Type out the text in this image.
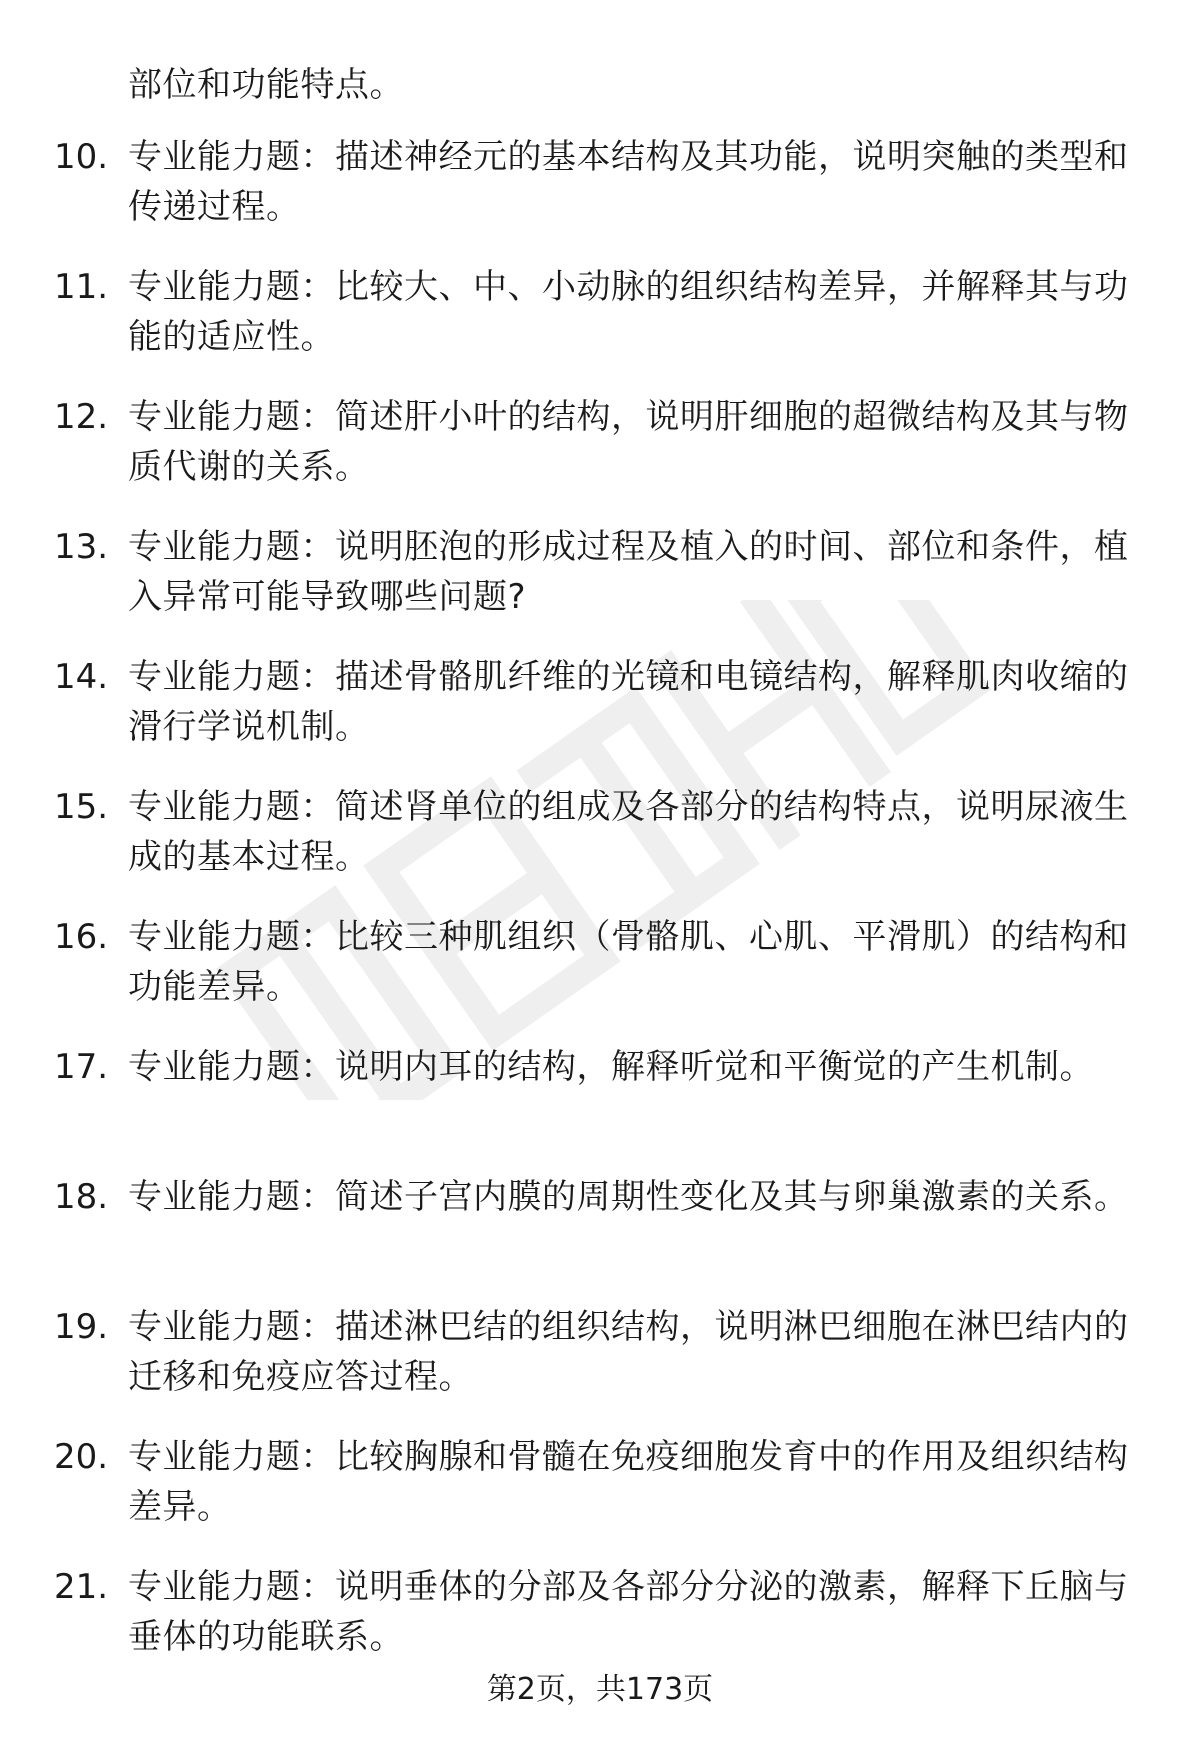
部位和功能特点。
10. 专业能力题：描述神经元的基本结构及其功能，说明突触的类型和传递过程。
11. 专业能力题：比较大、中、小动脉的组织结构差异，并解释其与功能的适应性。
12. 专业能力题：简述肝小叶的结构，说明肝细胞的超微结构及其与物质代谢的关系。
13. 专业能力题：说明胚泡的形成过程及植入的时间、部位和条件，植入异常可能导致哪些问题?
14. 专业能力题：描述骨骼肌纤维的光镜和电镜结构，解释肌肉收缩的滑行学说机制。
15. 专业能力题：简述肾单位的组成及各部分的结构特点，说明尿液生成的基本过程。
16. 专业能力题：比较三种肌组织（骨骼肌、心肌、平滑肌）的结构和功能差异。
17. 专业能力题：说明内耳的结构，解释听觉和平衡觉的产生机制。
18. 专业能力题：简述子宫内膜的周期性变化及其与卵巢激素的关系。
19. 专业能力题：描述淋巴结的组织结构，说明淋巴细胞在淋巴结内的迁移和免疫应答过程。
20. 专业能力题：比较胸腺和骨髓在免疫细胞发育中的作用及组织结构差异。
21. 专业能力题：说明垂体的分部及各部分分泌的激素，解释下丘脑与垂体的功能联系。
第2页，共173页
